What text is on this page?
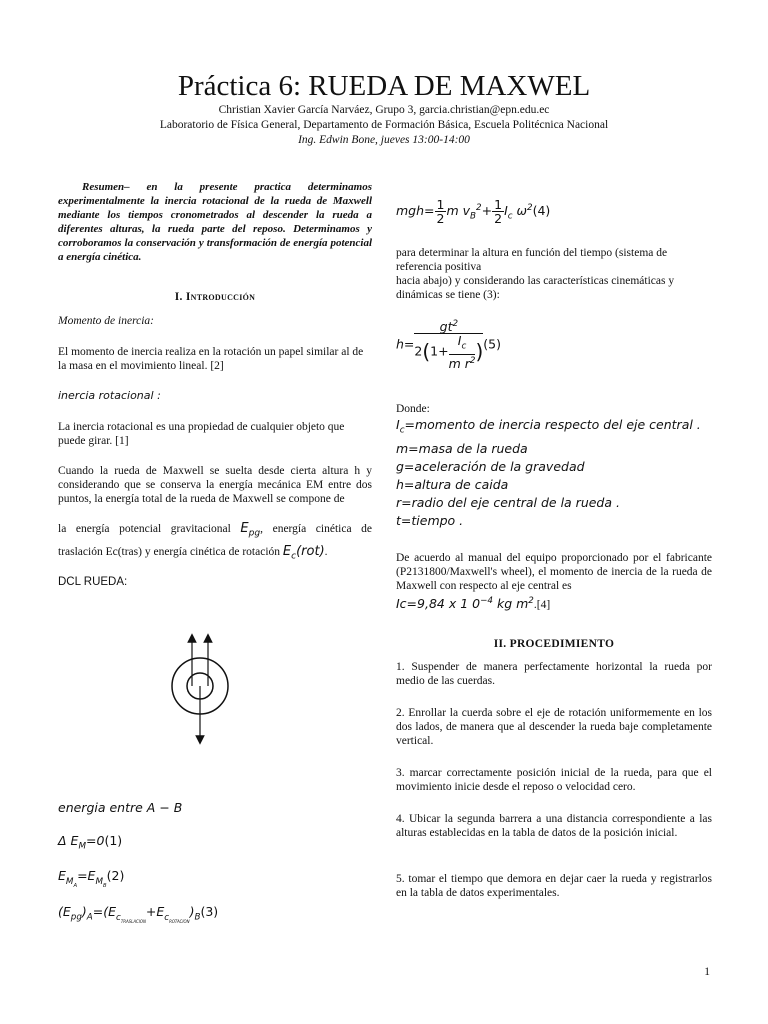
Práctica 6: RUEDA DE MAXWEL
Christian Xavier García Narváez, Grupo 3, garcia.christian@epn.edu.ec
Laboratorio de Física General, Departamento de Formación Básica, Escuela Politécnica Nacional
Ing. Edwin Bone, jueves 13:00-14:00
Resumen– en la presente practica determinamos experimentalmente la inercia rotacional de la rueda de Maxwell mediante los tiempos cronometrados al descender la rueda a diferentes alturas, la rueda parte del reposo. Determinamos y corroboramos la conservación y transformación de energía potencial a energía cinética.
I. Introducción
Momento de inercia:
El momento de inercia realiza en la rotación un papel similar al de la masa en el movimiento lineal. [2]
inercia rotacional :
La inercia rotacional es una propiedad de cualquier objeto que puede girar. [1]
Cuando la rueda de Maxwell se suelta desde cierta altura h y considerando que se conserva la energía mecánica EM entre dos puntos, la energía total de la rueda de Maxwell se compone de
la energía potencial gravitacional $E_{pg}$, energía cinética de traslación Ec(tras) y energía cinética de rotación $E_c(rot)$.
DCL RUEDA:
energia entre A − B
Δ $E_M=0(1)$
$E_{M_A}=E_{M_B}(2)$
$(E_{pg})_A=(E_{c_{TRASLACION}}+E_{c_{ROTACION}})_B(3)$
$mgh= \frac{1}{2}$ m $v_B^2+ \frac{1}{2} I_c$ $\omega^2(4)$
para determinar la altura en función del tiempo (sistema de referencia positiva
hacia abajo) y considerando las características cinemáticas y dinámicas se tiene (3):
$h= \frac{gt^2}{2(1+ \frac{I_c}{m r^2} )} (5)$
Donde:
$I_c=momento$ de inercia respecto del eje central .
m=masa de la rueda
g=aceleración de la gravedad
h=altura de caida
r=radio del eje central de la rueda .
t=tiempo .
De acuerdo al manual del equipo proporcionado por el fabricante (P2131800/Maxwell's wheel), el momento de inercia de la rueda de Maxwell con respecto al eje central es
Ic=9,84 x 1 $0^{-4}$ kg $m^2.[4]$
II. PROCEDIMIENTO
1. Suspender de manera perfectamente horizontal la rueda por medio de las cuerdas.
2. Enrollar la cuerda sobre el eje de rotación uniformemente en los dos lados, de manera que al descender la rueda baje completamente vertical.
3. marcar correctamente posición inicial de la rueda, para que el movimiento inicie desde el reposo o velocidad cero.
4. Ubicar la segunda barrera a una distancia correspondiente a las alturas establecidas en la tabla de datos de la posición inicial.
5. tomar el tiempo que demora en dejar caer la rueda y registrarlos en la tabla de datos experimentales.
1
